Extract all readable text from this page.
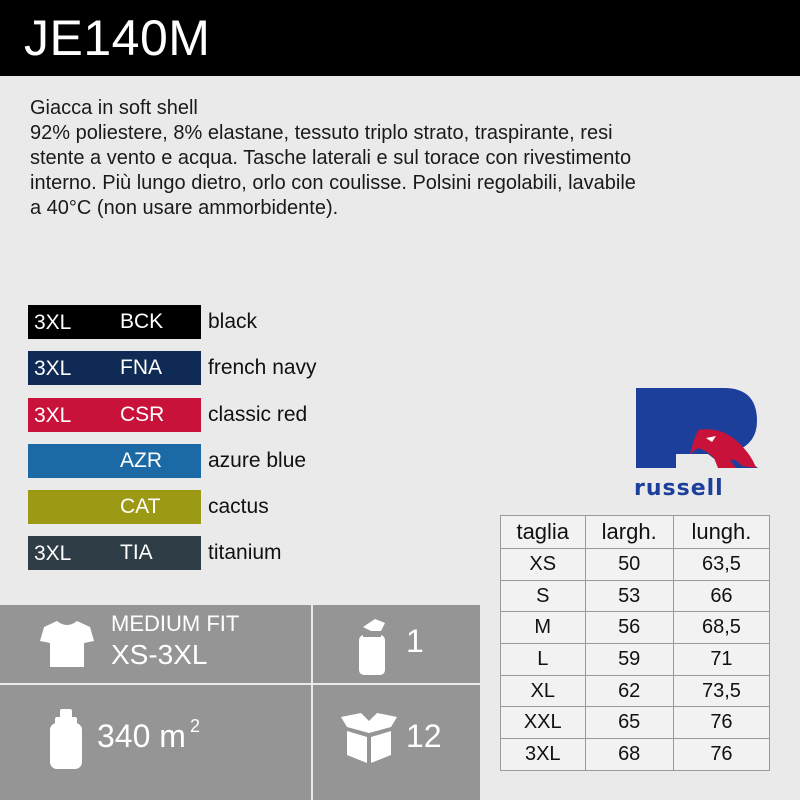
JE140M

Giacca in soft shell

92% poliestere, 8% elastane, tessuto triplo strato, traspirante, resi

stente a vento e acqua. Tasche laterali e sul torace con rivestimento

interno. Più lungo dietro, orlo con coulisse. Polsini regolabili, lavabile

a 40°C (non usare ammorbidente).

3XL BCK black
3XL FNA french navy
3XL CSR classic red
AZR azure blue
CAT cactus
3XL TIA	titanium
russell
taglia	largh.	lungh.
XS	50	63,5
S	53	66
M	56	68,5
L	59	71
XL	62	73,5
XXL	65	76
3XL	68	76
MEDIUM FIT
XS-3XL	1
340 m $^2$	12
